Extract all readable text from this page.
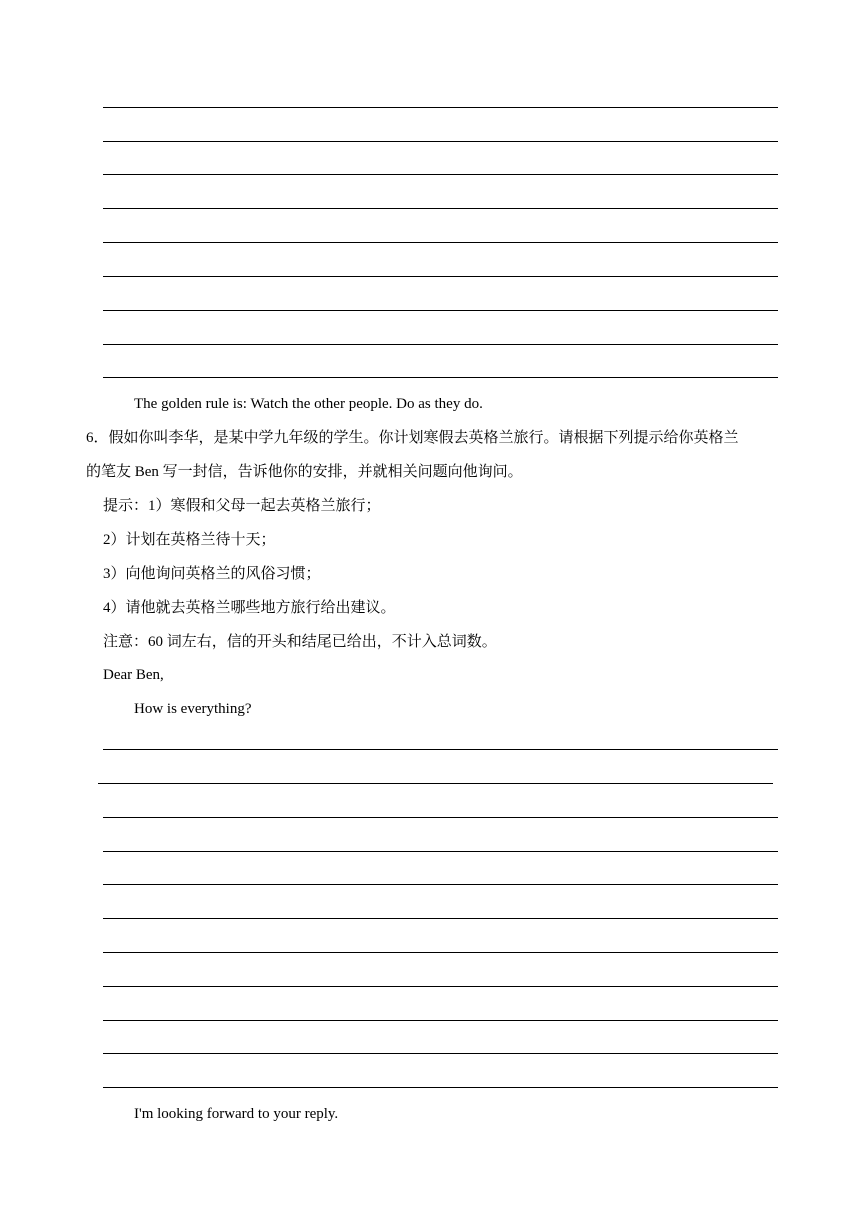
The golden rule is: Watch the other people. Do as they do.
6．假如你叫李华，是某中学九年级的学生。你计划寒假去英格兰旅行。请根据下列提示给你英格兰
的笔友 Ben 写一封信，告诉他你的安排，并就相关问题向他询问。
提示：1）寒假和父母一起去英格兰旅行；
2）计划在英格兰待十天；
3）向他询问英格兰的风俗习惯；
4）请他就去英格兰哪些地方旅行给出建议。
注意：60 词左右，信的开头和结尾已给出，不计入总词数。
Dear Ben,
How is everything?
I'm looking forward to your reply.
